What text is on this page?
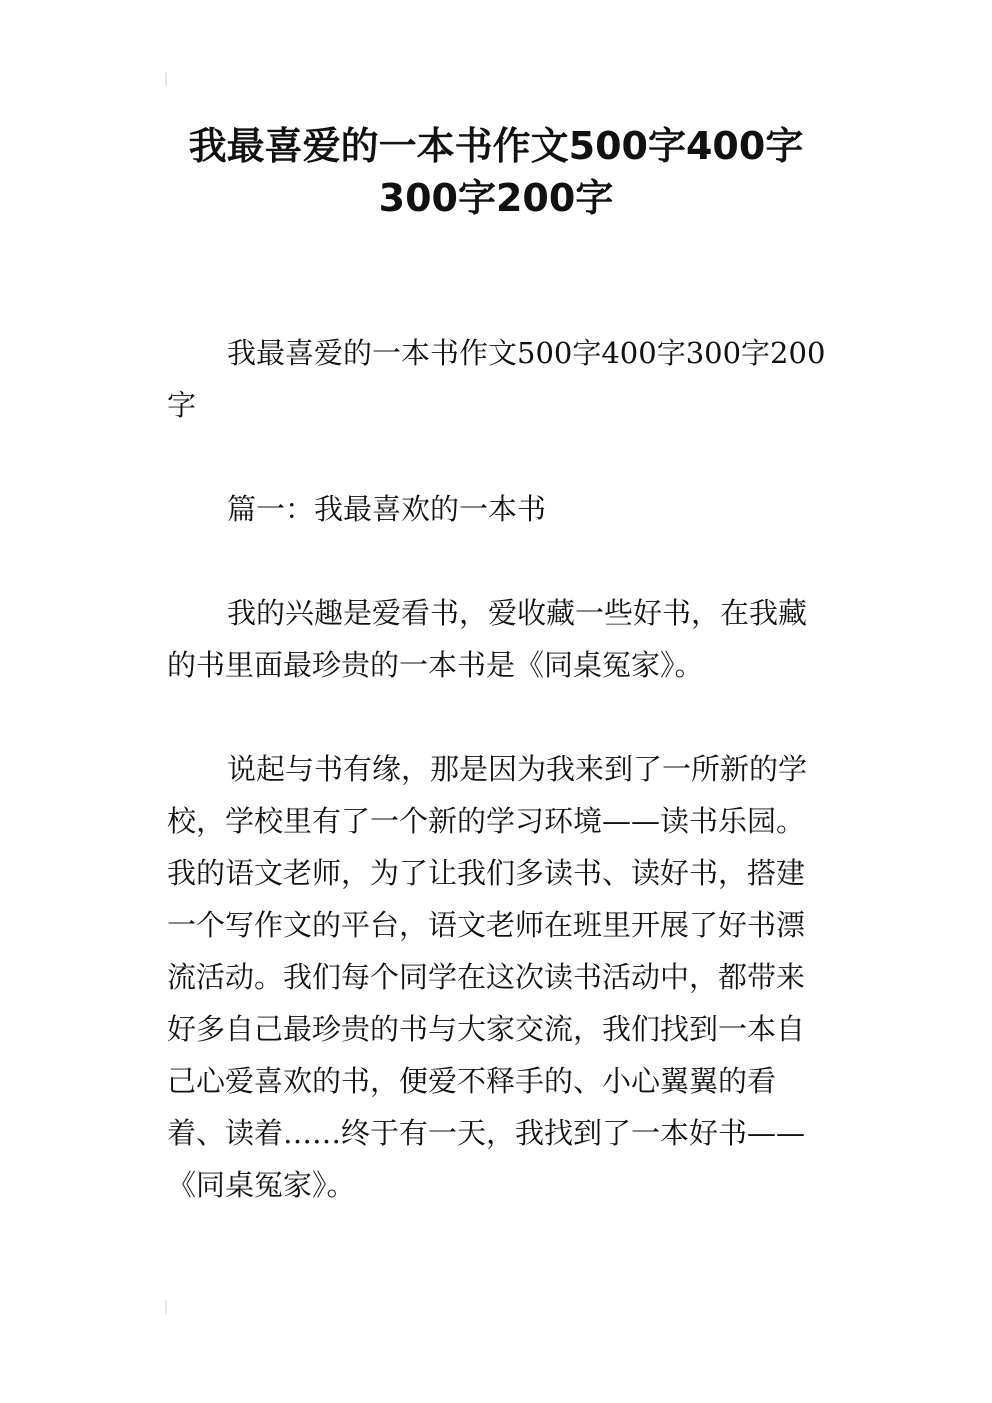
我最喜爱的一本书作文500字400字300字200字

我最喜爱的一本书作文500字400字300字200字

篇一：我最喜欢的一本书

我的兴趣是爱看书，爱收藏一些好书，在我藏的书里面最珍贵的一本书是《同桌冤家》。

说起与书有缘，那是因为我来到了一所新的学校，学校里有了一个新的学习环境——读书乐园。我的语文老师，为了让我们多读书、读好书，搭建一个写作文的平台，语文老师在班里开展了好书漂流活动。我们每个同学在这次读书活动中，都带来好多自己最珍贵的书与大家交流，我们找到一本自己心爱喜欢的书，便爱不释手的、小心翼翼的看着、读着……终于有一天，我找到了一本好书——《同桌冤家》。
